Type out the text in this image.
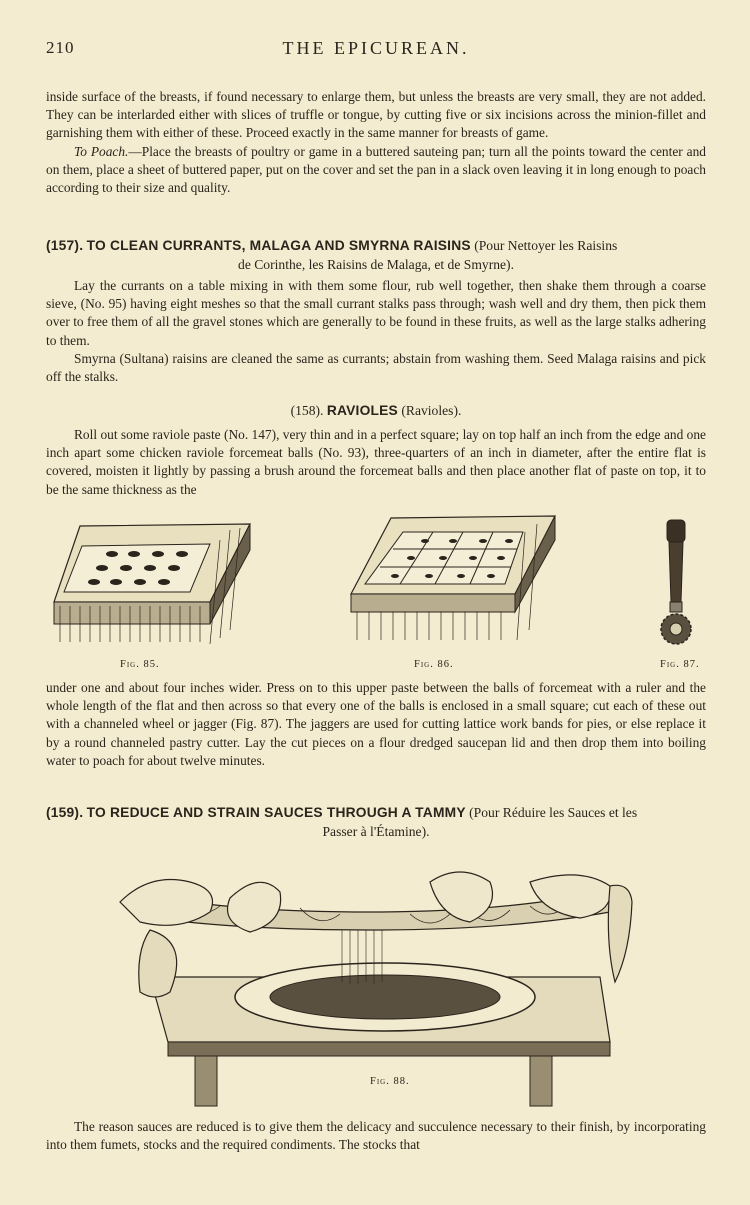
210	THE EPICUREAN.

inside surface of the breasts, if found necessary to enlarge them, but unless the breasts are very small, they are not added. They can be interlarded either with slices of truffle or tongue, by cutting five or six incisions across the minion-fillet and garnishing them with either of these. Proceed exactly in the same manner for breasts of game.

To Poach.—Place the breasts of poultry or game in a buttered sauteing pan; turn all the points toward the center and on them, place a sheet of buttered paper, put on the cover and set the pan in a slack oven leaving it in long enough to poach according to their size and quality.

(157). TO CLEAN CURRANTS, MALAGA AND SMYRNA RAISINS (Pour Nettoyer les Raisins
de Corinthe, les Raisins de Malaga, et de Smyrne).

Lay the currants on a table mixing in with them some flour, rub well together, then shake them through a coarse sieve, (No. 95) having eight meshes so that the small currant stalks pass through; wash well and dry them, then pick them over to free them of all the gravel stones which are generally to be found in these fruits, as well as the large stalks adhering to them.

Smyrna (Sultana) raisins are cleaned the same as currants; abstain from washing them. Seed Malaga raisins and pick off the stalks.

(158). RAVIOLES (Ravioles).

Roll out some raviole paste (No. 147), very thin and in a perfect square; lay on top half an inch from the edge and one inch apart some chicken raviole forcemeat balls (No. 93), three-quarters of an inch in diameter, after the entire flat is covered, moisten it lightly by passing a brush around the forcemeat balls and then place another flat of paste on top, it to be the same thickness as the

Fig. 85.	Fig. 86.	Fig. 87.

under one and about four inches wider. Press on to this upper paste between the balls of forcemeat with a ruler and the whole length of the flat and then across so that every one of the balls is enclosed in a small square; cut each of these out with a channeled wheel or jagger (Fig. 87). The jaggers are used for cutting lattice work bands for pies, or else replace it by a round channeled pastry cutter. Lay the cut pieces on a flour dredged saucepan lid and then drop them into boiling water to poach for about twelve minutes.

(159). TO REDUCE AND STRAIN SAUCES THROUGH A TAMMY (Pour Réduire les Sauces et les
Passer à l'Étamine).
Fig. 88.

The reason sauces are reduced is to give them the delicacy and succulence necessary to their finish, by incorporating into them fumets, stocks and the required condiments. The stocks that
